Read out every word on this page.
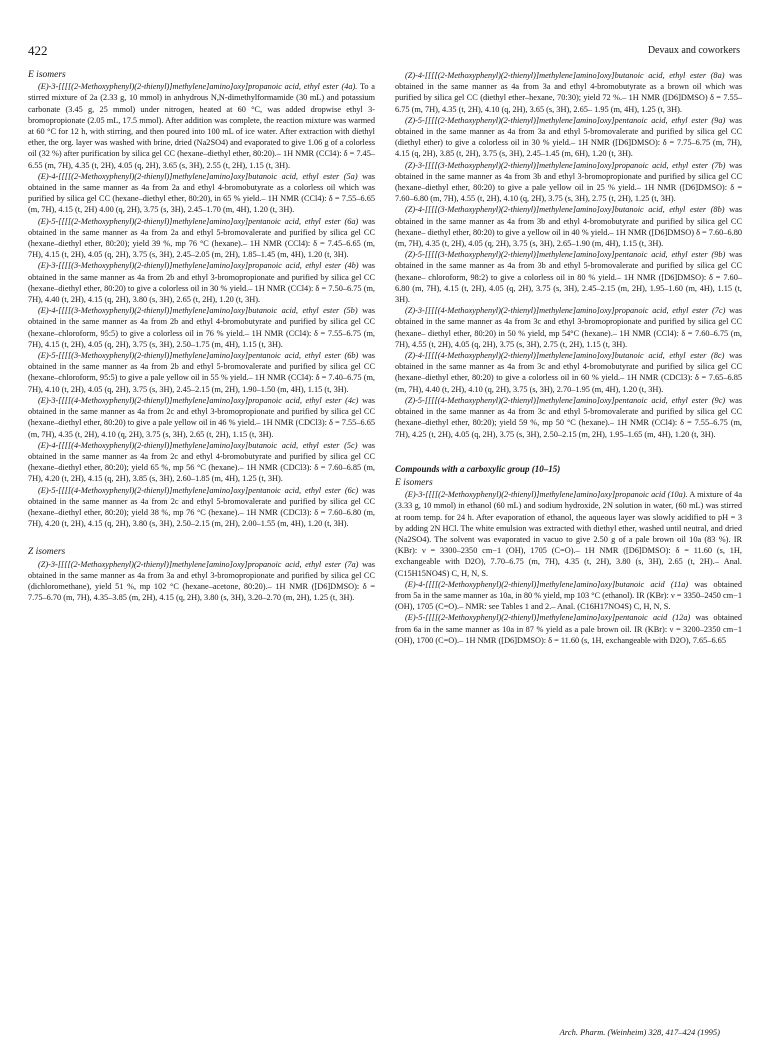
422	Devaux and coworkers
E isomers

(E)-3-[[[[(2-Methoxyphenyl)(2-thienyl)]methylene]amino]oxy]propanoic acid, ethyl ester (4a). To a stirred mixture of 2a (2.33 g, 10 mmol) in anhydrous N,N-dimethylformamide (30 mL) and potassium carbonate (3.45 g, 25 mmol) under nitrogen, heated at 60 °C, was added dropwise ethyl 3-bromopropionate (2.05 mL, 17.5 mmol). After addition was complete, the reaction mixture was warmed at 60 °C for 12 h, with stirring, and then poured into 100 mL of ice water. After extraction with diethyl ether, the org. layer was washed with brine, dried (Na2SO4) and evaporated to give 1.06 g of a colorless oil (32 %) after purification by silica gel CC (hexane–diethyl ether, 80:20).– 1H NMR (CCl4): δ = 7.45–6.55 (m, 7H), 4.35 (t, 2H), 4.05 (q, 2H), 3.65 (s, 3H), 2.55 (t, 2H), 1.15 (t, 3H).

(E)-4-[[[[(2-Methoxyphenyl)(2-thienyl)]methylene]amino]oxy]butanoic acid, ethyl ester (5a) was obtained in the same manner as 4a from 2a and ethyl 4-bromobutyrate as a colorless oil which was purified by silica gel CC (hexane–diethyl ether, 80:20), in 65 % yield.– 1H NMR (CCl4): δ = 7.55–6.65 (m, 7H), 4.15 (t, 2H) 4.00 (q, 2H), 3.75 (s, 3H), 2.45–1.70 (m, 4H), 1.20 (t, 3H).

(E)-5-[[[[(2-Methoxyphenyl)(2-thienyl)]methylene]amino]oxy]pentanoic acid, ethyl ester (6a) was obtained in the same manner as 4a from 2a and ethyl 5-bromovalerate and purified by silica gel CC (hexane–diethyl ether, 80:20); yield 39 %, mp 76 °C (hexane).– 1H NMR (CCl4): δ = 7.45–6.65 (m, 7H), 4.15 (t, 2H), 4.05 (q, 2H), 3.75 (s, 3H), 2.45–2.05 (m, 2H), 1.85–1.45 (m, 4H), 1.20 (t, 3H).

(E)-3-[[[[(3-Methoxyphenyl)(2-thienyl)]methylene]amino]oxy]propanoic acid, ethyl ester (4b) was obtained in the same manner as 4a from 2b and ethyl 3-bromopropionate and purified by silica gel CC (hexane–diethyl ether, 80:20) to give a colorless oil in 30 % yield.– 1H NMR (CCl4): δ = 7.50–6.75 (m, 7H), 4.40 (t, 2H), 4.15 (q, 2H), 3.80 (s, 3H), 2.65 (t, 2H), 1.20 (t, 3H).

(E)-4-[[[[(3-Methoxyphenyl)(2-thienyl)]methylene]amino]oxy]butanoic acid, ethyl ester (5b) was obtained in the same manner as 4a from 2b and ethyl 4-bromobutyrate and purified by silica gel CC (hexane–chloroform, 95:5) to give a colorless oil in 76 % yield.– 1H NMR (CCl4): δ = 7.55–6.75 (m, 7H), 4.15 (t, 2H), 4.05 (q, 2H), 3.75 (s, 3H), 2.50–1.75 (m, 4H), 1.15 (t, 3H).

(E)-5-[[[[(3-Methoxyphenyl)(2-thienyl)]methylene]amino]oxy]pentanoic acid, ethyl ester (6b) was obtained in the same manner as 4a from 2b and ethyl 5-bromovalerate and purified by silica gel CC (hexane–chloroform, 95:5) to give a pale yellow oil in 55 % yield.– 1H NMR (CCl4): δ = 7.40–6.75 (m, 7H), 4.10 (t, 2H), 4.05 (q, 2H), 3.75 (s, 3H), 2.45–2.15 (m, 2H), 1.90–1.50 (m, 4H), 1.15 (t, 3H).

(E)-3-[[[[(4-Methoxyphenyl)(2-thienyl)]methylene]amino]oxy]propanoic acid, ethyl ester (4c) was obtained in the same manner as 4a from 2c and ethyl 3-bromopropionate and purified by silica gel CC (hexane–diethyl ether, 80:20) to give a pale yellow oil in 46 % yield.– 1H NMR (CDCl3): δ = 7.55–6.65 (m, 7H), 4.35 (t, 2H), 4.10 (q, 2H), 3.75 (s, 3H), 2.65 (t, 2H), 1.15 (t, 3H).

(E)-4-[[[[(4-Methoxyphenyl)(2-thienyl)]methylene]amino]oxy]butanoic acid, ethyl ester (5c) was obtained in the same manner as 4a from 2c and ethyl 4-bromobutyrate and purified by silica gel CC (hexane–diethyl ether, 80:20); yield 65 %, mp 56 °C (hexane).– 1H NMR (CDCl3): δ = 7.60–6.85 (m, 7H), 4.20 (t, 2H), 4.15 (q, 2H), 3.85 (s, 3H), 2.60–1.85 (m, 4H), 1.25 (t, 3H).

(E)-5-[[[[(4-Methoxyphenyl)(2-thienyl)]methylene]amino]oxy]pentanoic acid, ethyl ester (6c) was obtained in the same manner as 4a from 2c and ethyl 5-bromovalerate and purified by silica gel CC (hexane–diethyl ether, 80:20); yield 38 %, mp 76 °C (hexane).– 1H NMR (CDCl3): δ = 7.60–6.80 (m, 7H), 4.20 (t, 2H), 4.15 (q, 2H), 3.80 (s, 3H), 2.50–2.15 (m, 2H), 2.00–1.55 (m, 4H), 1.20 (t, 3H).

Z isomers

(Z)-3-[[[[(2-Methoxyphenyl)(2-thienyl)]methylene]amino]oxy]propanoic acid, ethyl ester (7a) was obtained in the same manner as 4a from 3a and ethyl 3-bromopropionate and purified by silica gel CC (dichloromethane), yield 51 %, mp 102 °C (hexane–acetone, 80:20).– 1H NMR ([D6]DMSO): δ = 7.75–6.70 (m, 7H), 4.35–3.85 (m, 2H), 4.15 (q, 2H), 3.80 (s, 3H), 3.20–2.70 (m, 2H), 1.25 (t, 3H).

(Z)-4-[[[[(2-Methoxyphenyl)(2-thienyl)]methylene]amino]oxy]butanoic acid, ethyl ester (8a) was obtained in the same manner as 4a from 3a and ethyl 4-bromobutyrate as a brown oil which was purified by silica gel CC (diethyl ether–hexane, 70:30); yield 72 %.– 1H NMR ([D6]DMSO) δ = 7.55–6.75 (m, 7H), 4.35 (t, 2H), 4.10 (q, 2H), 3.65 (s, 3H), 2.65– 1.95 (m, 4H), 1.25 (t, 3H).

(Z)-5-[[[[(2-Methoxyphenyl)(2-thienyl)]methylene]amino]oxy]pentanoic acid, ethyl ester (9a) was obtained in the same manner as 4a from 3a and ethyl 5-bromovalerate and purified by silica gel CC (diethyl ether) to give a colorless oil in 30 % yield.– 1H NMR ([D6]DMSO): δ = 7.75–6.75 (m, 7H), 4.15 (q, 2H), 3.85 (t, 2H), 3.75 (s, 3H), 2.45–1.45 (m, 6H), 1.20 (t, 3H).

(Z)-3-[[[[(3-Methoxyphenyl)(2-thienyl)]methylene]amino]oxy]propanoic acid, ethyl ester (7b) was obtained in the same manner as 4a from 3b and ethyl 3-bromopropionate and purified by silica gel CC (hexane–diethyl ether, 80:20) to give a pale yellow oil in 25 % yield.– 1H NMR ([D6]DMSO): δ = 7.60–6.80 (m, 7H), 4.55 (t, 2H), 4.10 (q, 2H), 3.75 (s, 3H), 2.75 (t, 2H), 1.25 (t, 3H).

(Z)-4-[[[[(3-Methoxyphenyl)(2-thienyl)]methylene]amino]oxy]butanoic acid, ethyl ester (8b) was obtained in the same manner as 4a from 3b and ethyl 4-bromobutyrate and purified by silica gel CC (hexane– diethyl ether, 80:20) to give a yellow oil in 40 % yield.– 1H NMR ([D6]DMSO) δ = 7.60–6.80 (m, 7H), 4.35 (t, 2H), 4.05 (q, 2H), 3.75 (s, 3H), 2.65–1.90 (m, 4H), 1.15 (t, 3H).

(Z)-5-[[[[(3-Methoxyphenyl)(2-thienyl)]methylene]amino]oxy]pentanoic acid, ethyl ester (9b) was obtained in the same manner as 4a from 3b and ethyl 5-bromovalerate and purified by silica gel CC (hexane– chloroform, 98:2) to give a colorless oil in 80 % yield.– 1H NMR ([D6]DMSO): δ = 7.60–6.80 (m, 7H), 4.15 (t, 2H), 4.05 (q, 2H), 3.75 (s, 3H), 2.45–2.15 (m, 2H), 1.95–1.60 (m, 4H), 1.15 (t, 3H).

(Z)-3-[[[[(4-Methoxyphenyl)(2-thienyl)]methylene]amino]oxy]propanoic acid, ethyl ester (7c) was obtained in the same manner as 4a from 3c and ethyl 3-bromopropionate and purified by silica gel CC (hexane– diethyl ether, 80:20) in 50 % yield, mp 54°C (hexane).– 1H NMR (CCl4): δ = 7.60–6.75 (m, 7H), 4.55 (t, 2H), 4.05 (q, 2H), 3.75 (s, 3H), 2.75 (t, 2H), 1.15 (t, 3H).

(Z)-4-[[[[(4-Methoxyphenyl)(2-thienyl)]methylene]amino]oxy]butanoic acid, ethyl ester (8c) was obtained in the same manner as 4a from 3c and ethyl 4-bromobutyrate and purified by silica gel CC (hexane–diethyl ether, 80:20) to give a colorless oil in 60 % yield.– 1H NMR (CDCl3): δ = 7.65–6.85 (m, 7H), 4.40 (t, 2H), 4.10 (q, 2H), 3.75 (s, 3H), 2.70–1.95 (m, 4H), 1.20 (t, 3H).

(Z)-5-[[[[(4-Methoxyphenyl)(2-thienyl)]methylene]amino]oxy]pentanoic acid, ethyl ester (9c) was obtained in the same manner as 4a from 3c and ethyl 5-bromovalerate and purified by silica gel CC (hexane–diethyl ether, 80:20); yield 59 %, mp 50 °C (hexane).– 1H NMR (CCl4): δ = 7.55–6.75 (m, 7H), 4.25 (t, 2H), 4.05 (q, 2H), 3.75 (s, 3H), 2.50–2.15 (m, 2H), 1.95–1.65 (m, 4H), 1.20 (t, 3H).

Compounds with a carboxylic group (10–15)
E isomers

(E)-3-[[[[(2-Methoxyphenyl)(2-thienyl)]methylene]amino]oxy]propanoic acid (10a). A mixture of 4a (3.33 g, 10 mmol) in ethanol (60 mL) and sodium hydroxide, 2N solution in water, (60 mL) was stirred at room temp. for 24 h. After evaporation of ethanol, the aqueous layer was slowly acidified to pH = 3 by adding 2N HCl. The white emulsion was extracted with diethyl ether, washed until neutral, and dried (Na2SO4). The solvent was evaporated in vacuo to give 2.50 g of a pale brown oil 10a (83 %). IR (KBr): ν = 3300–2350 cm−1 (OH), 1705 (C=O).– 1H NMR ([D6]DMSO): δ = 11.60 (s, 1H, exchangeable with D2O), 7.70–6.75 (m, 7H), 4.35 (t, 2H), 3.80 (s, 3H), 2.65 (t, 2H).– Anal. (C15H15NO4S) C, H, N, S.

(E)-4-[[[[(2-Methoxyphenyl)(2-thienyl)]methylene]amino]oxy]butanoic acid (11a) was obtained from 5a in the same manner as 10a, in 80 % yield, mp 103 °C (ethanol). IR (KBr): ν = 3350–2450 cm−1 (OH), 1705 (C=O).– NMR: see Tables 1 and 2.– Anal. (C16H17NO4S) C, H, N, S.

(E)-5-[[[[(2-Methoxyphenyl)(2-thienyl)]methylene]amino]oxy]pentanoic acid (12a) was obtained from 6a in the same manner as 10a in 87 % yield as a pale brown oil. IR (KBr): ν = 3200–2350 cm−1 (OH), 1700 (C=O).– 1H NMR ([D6]DMSO): δ = 11.60 (s, 1H, exchangeable with D2O), 7.65–6.65

Arch. Pharm. (Weinheim) 328, 417–424 (1995)
